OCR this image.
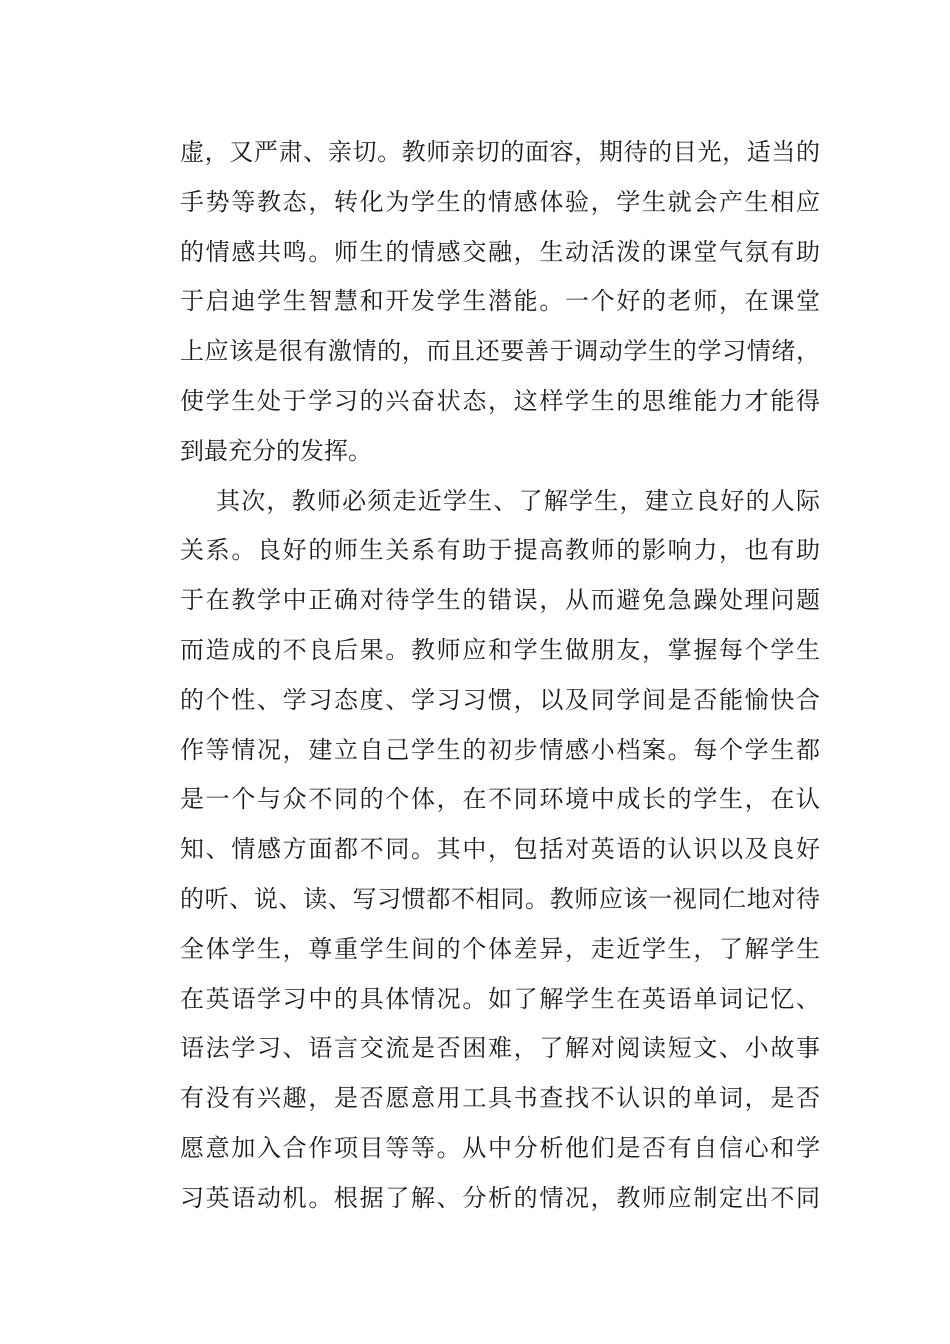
虚，又严肃、亲切。教师亲切的面容，期待的目光，适当的
手势等教态，转化为学生的情感体验，学生就会产生相应
的情感共鸣。师生的情感交融，生动活泼的课堂气氛有助
于启迪学生智慧和开发学生潜能。一个好的老师，在课堂
上应该是很有激情的，而且还要善于调动学生的学习情绪，
使学生处于学习的兴奋状态，这样学生的思维能力才能得
到最充分的发挥。
其次，教师必须走近学生、了解学生，建立良好的人际
关系。良好的师生关系有助于提高教师的影响力，也有助
于在教学中正确对待学生的错误，从而避免急躁处理问题
而造成的不良后果。教师应和学生做朋友，掌握每个学生
的个性、学习态度、学习习惯，以及同学间是否能愉快合
作等情况，建立自己学生的初步情感小档案。每个学生都
是一个与众不同的个体，在不同环境中成长的学生，在认
知、情感方面都不同。其中，包括对英语的认识以及良好
的听、说、读、写习惯都不相同。教师应该一视同仁地对待
全体学生，尊重学生间的个体差异，走近学生，了解学生
在英语学习中的具体情况。如了解学生在英语单词记忆、
语法学习、语言交流是否困难，了解对阅读短文、小故事
有没有兴趣，是否愿意用工具书查找不认识的单词，是否
愿意加入合作项目等等。从中分析他们是否有自信心和学
习英语动机。根据了解、分析的情况，教师应制定出不同
